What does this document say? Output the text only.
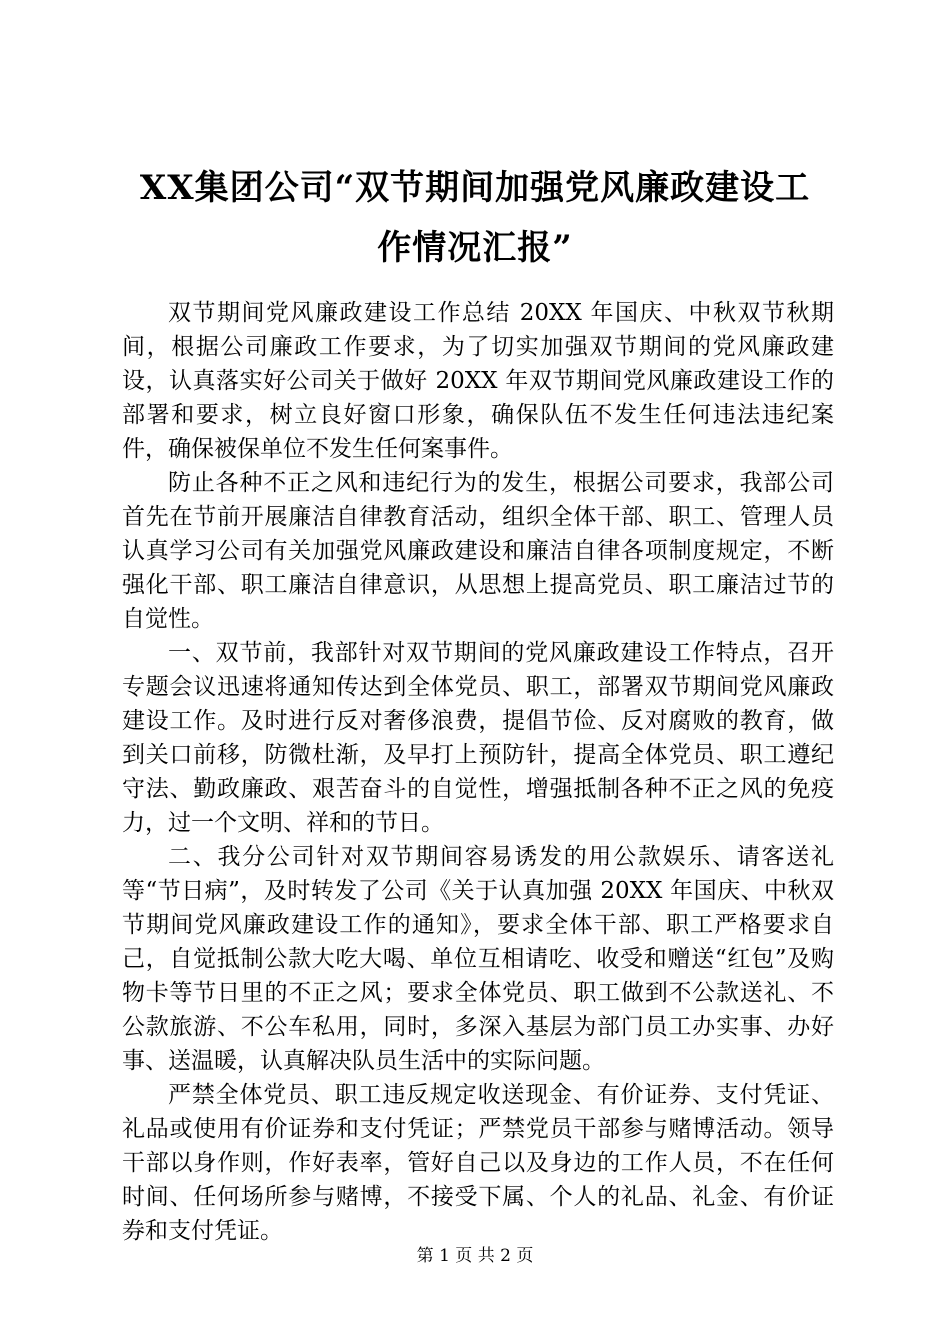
XX集团公司“双节期间加强党风廉政建设工
作情况汇报”

双节期间党风廉政建设工作总结 20XX 年国庆、中秋双节秋期间，根据公司廉政工作要求，为了切实加强双节期间的党风廉政建设，认真落实好公司关于做好 20XX 年双节期间党风廉政建设工作的部署和要求，树立良好窗口形象，确保队伍不发生任何违法违纪案件，确保被保单位不发生任何案事件。

防止各种不正之风和违纪行为的发生，根据公司要求，我部公司首先在节前开展廉洁自律教育活动，组织全体干部、职工、管理人员认真学习公司有关加强党风廉政建设和廉洁自律各项制度规定，不断强化干部、职工廉洁自律意识，从思想上提高党员、职工廉洁过节的自觉性。

一、双节前，我部针对双节期间的党风廉政建设工作特点，召开专题会议迅速将通知传达到全体党员、职工，部署双节期间党风廉政建设工作。及时进行反对奢侈浪费，提倡节俭、反对腐败的教育，做到关口前移，防微杜渐，及早打上预防针，提高全体党员、职工遵纪守法、勤政廉政、艰苦奋斗的自觉性，增强抵制各种不正之风的免疫力，过一个文明、祥和的节日。

二、我分公司针对双节期间容易诱发的用公款娱乐、请客送礼等“节日病”，及时转发了公司《关于认真加强 20XX 年国庆、中秋双节期间党风廉政建设工作的通知》，要求全体干部、职工严格要求自己，自觉抵制公款大吃大喝、单位互相请吃、收受和赠送“红包”及购物卡等节日里的不正之风；要求全体党员、职工做到不公款送礼、不公款旅游、不公车私用，同时，多深入基层为部门员工办实事、办好事、送温暖，认真解决队员生活中的实际问题。

严禁全体党员、职工违反规定收送现金、有价证券、支付凭证、礼品或使用有价证券和支付凭证；严禁党员干部参与赌博活动。领导干部以身作则，作好表率，管好自己以及身边的工作人员，不在任何时间、任何场所参与赌博，不接受下属、个人的礼品、礼金、有价证券和支付凭证。

第 1 页 共 2 页
